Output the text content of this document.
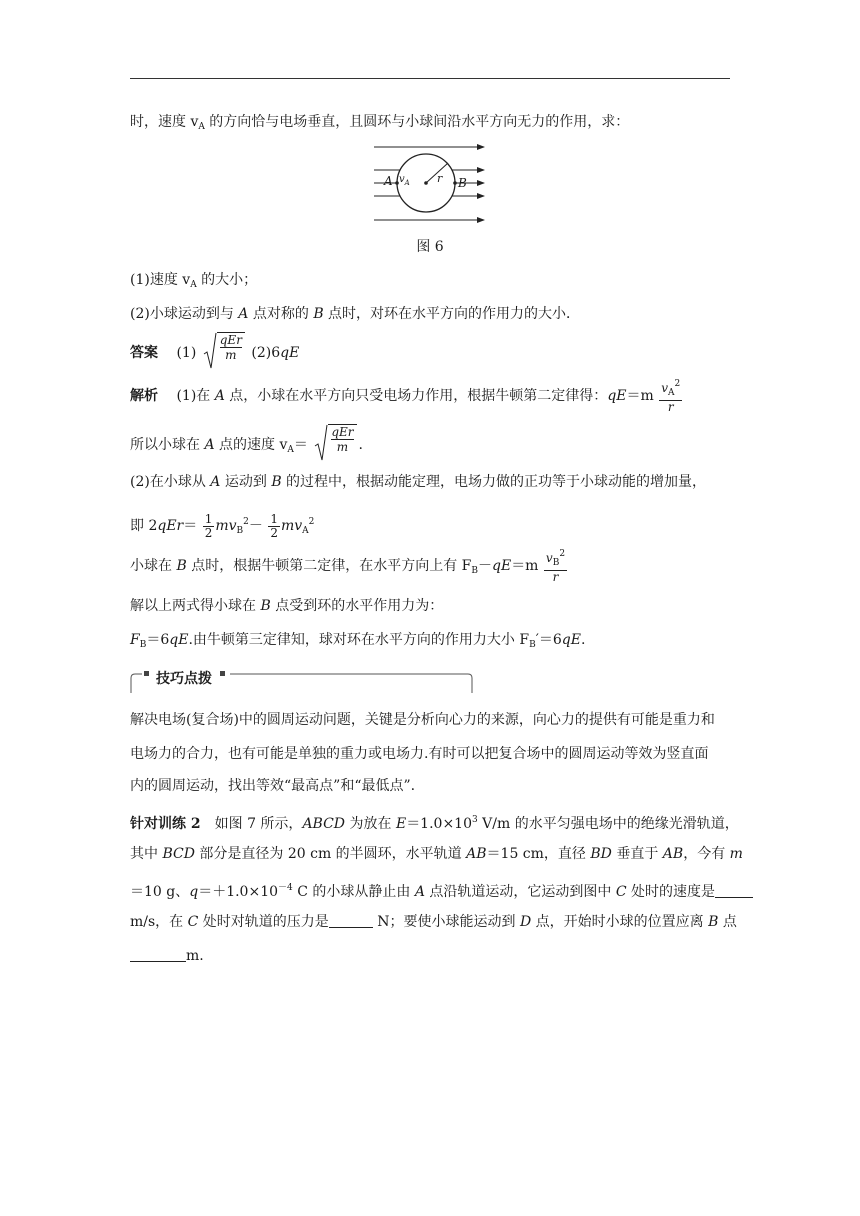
时，速度 $v_A$ 的方向恰与电场垂直，且圆环与小球间沿水平方向无力的作用，求：
A $v_A$ r B
图 6
(1)速度 $v_A$ 的大小；
(2)小球运动到与 A 点对称的 B 点时，对环在水平方向的作用力的大小．
答案　 (1)
qEr
m	(2)6qE
解析　 (1)在 A 点，小球在水平方向只受电场力作用，根据牛顿第二定律得：$qE=m \frac{v_A^2}{r}$
所以小球在 A 点的速度 $v_A=$
qEr
m .
(2)在小球从 A 运动到 B 的过程中，根据动能定理，电场力做的正功等于小球动能的增加量，
即 $2qEr= \frac{1}{2} mv_B^2- \frac{1}{2} mv_A^2$
小球在 B 点时，根据牛顿第二定律，在水平方向上有 $F_B-qE=m \frac{v_B^2}{r}$
解以上两式得小球在 B 点受到环的水平作用力为：
$F_B=6qE$.由牛顿第三定律知，球对环在水平方向的作用力大小 $F_B'=6qE$.
技巧点拨
解决电场(复合场)中的圆周运动问题，关键是分析向心力的来源，向心力的提供有可能是重力和
电场力的合力，也有可能是单独的重力或电场力.有时可以把复合场中的圆周运动等效为竖直面
内的圆周运动，找出等效“最高点”和“最低点”.
针对训练 2　如图 7 所示，ABCD 为放在 $E=1.0\times 10^3$ V/m 的水平匀强电场中的绝缘光滑轨道，
其中 BCD 部分是直径为 20 cm 的半圆环，水平轨道 AB＝15 cm，直径 BD 垂直于 AB，今有 m
＝10 g、$q=+1.0\times 10^{-4}$ C 的小球从静止由 A 点沿轨道运动，它运动到图中 C 处时的速度是
m/s，在 C 处时对轨道的压力是	N；要使小球能运动到 D 点，开始时小球的位置应离 B 点
m.
